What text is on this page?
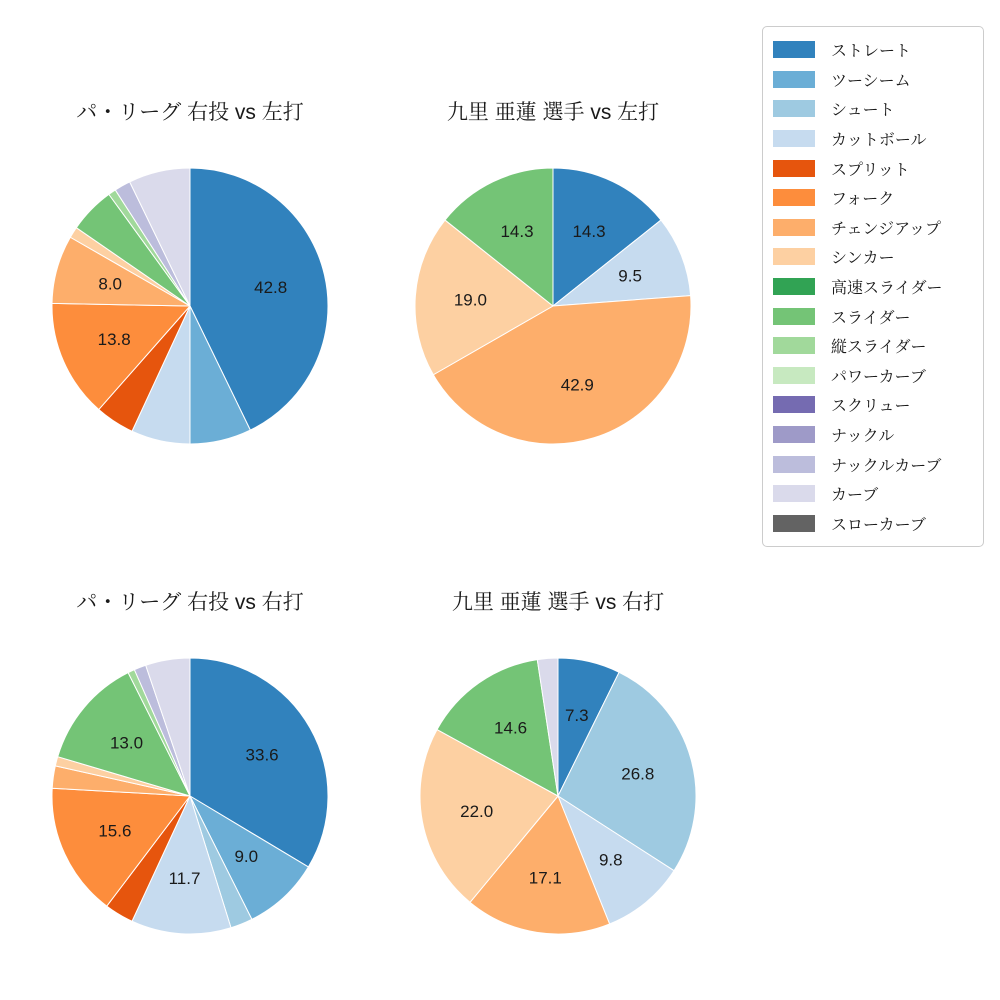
パ・リーグ 右投 vs 左打
42.8
13.8
8.0
九里 亜蓮 選手 vs 左打
14.3
9.5
42.9
19.0
14.3
パ・リーグ 右投 vs 右打
33.6
9.0
11.7
15.6
13.0
九里 亜蓮 選手 vs 右打
7.3
26.8
9.8
17.1
22.0
14.6
ストレート
ツーシーム
シュート
カットボール
スプリット
フォーク
チェンジアップ
シンカー
高速スライダー
スライダー
縦スライダー
パワーカーブ
スクリュー
ナックル
ナックルカーブ
カーブ
スローカーブ
